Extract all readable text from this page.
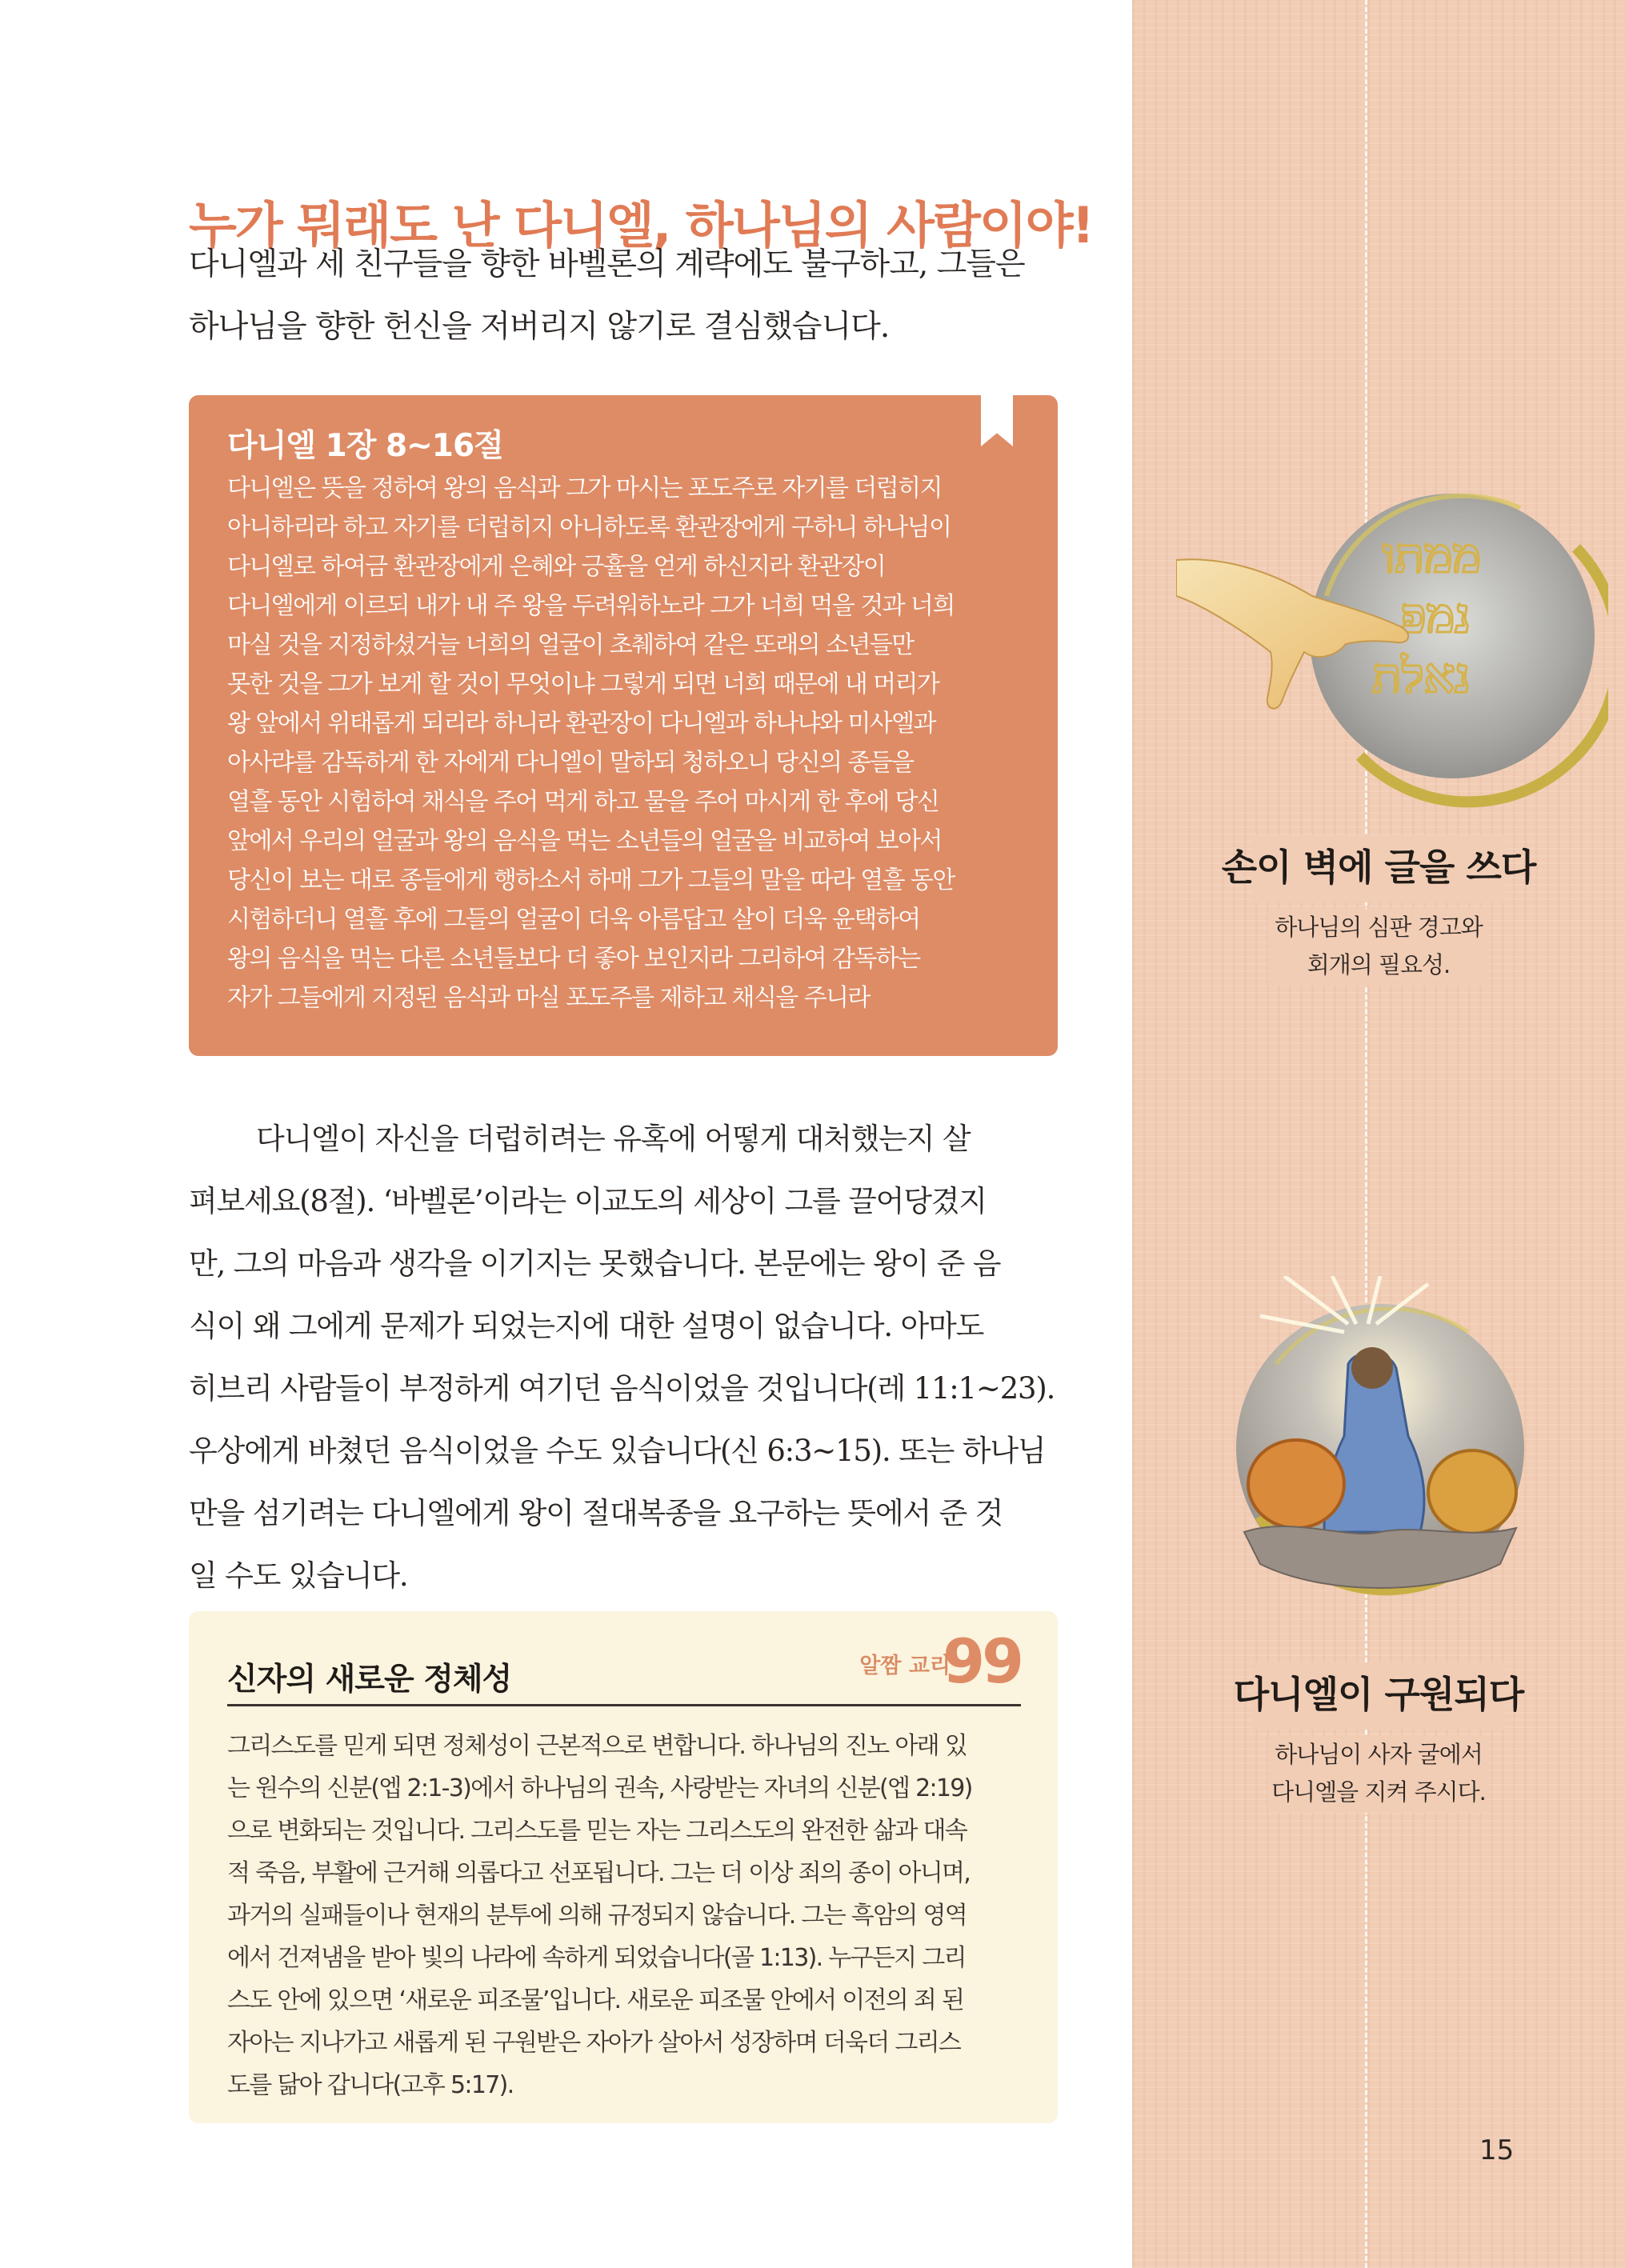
누가 뭐래도 난 다니엘, 하나님의 사람이야!

다니엘과 세 친구들을 향한 바벨론의 계략에도 불구하고, 그들은

하나님을 향한 헌신을 저버리지 않기로 결심했습니다.

다니엘 1장 8~16절
다니엘은 뜻을 정하여 왕의 음식과 그가 마시는 포도주로 자기를 더럽히지
아니하리라 하고 자기를 더럽히지 아니하도록 환관장에게 구하니 하나님이
다니엘로 하여금 환관장에게 은혜와 긍휼을 얻게 하신지라 환관장이
다니엘에게 이르되 내가 내 주 왕을 두려워하노라 그가 너희 먹을 것과 너희
마실 것을 지정하셨거늘 너희의 얼굴이 초췌하여 같은 또래의 소년들만
못한 것을 그가 보게 할 것이 무엇이냐 그렇게 되면 너희 때문에 내 머리가
왕 앞에서 위태롭게 되리라 하니라 환관장이 다니엘과 하나냐와 미사엘과
아사랴를 감독하게 한 자에게 다니엘이 말하되 청하오니 당신의 종들을
열흘 동안 시험하여 채식을 주어 먹게 하고 물을 주어 마시게 한 후에 당신
앞에서 우리의 얼굴과 왕의 음식을 먹는 소년들의 얼굴을 비교하여 보아서
당신이 보는 대로 종들에게 행하소서 하매 그가 그들의 말을 따라 열흘 동안
시험하더니 열흘 후에 그들의 얼굴이 더욱 아름답고 살이 더욱 윤택하여
왕의 음식을 먹는 다른 소년들보다 더 좋아 보인지라 그리하여 감독하는
자가 그들에게 지정된 음식과 마실 포도주를 제하고 채식을 주니라
다니엘이 자신을 더럽히려는 유혹에 어떻게 대처했는지 살
펴보세요(8절). ‘바벨론’이라는 이교도의 세상이 그를 끌어당겼지
만, 그의 마음과 생각을 이기지는 못했습니다. 본문에는 왕이 준 음
식이 왜 그에게 문제가 되었는지에 대한 설명이 없습니다. 아마도
히브리 사람들이 부정하게 여기던 음식이었을 것입니다(레 11:1~23).
우상에게 바쳤던 음식이었을 수도 있습니다(신 6:3~15). 또는 하나님
만을 섬기려는 다니엘에게 왕이 절대복종을 요구하는 뜻에서 준 것
일 수도 있습니다.
신자의 새로운 정체성	알짬 교리
99
그리스도를 믿게 되면 정체성이 근본적으로 변합니다. 하나님의 진노 아래 있
는 원수의 신분(엡 2:1-3)에서 하나님의 권속, 사랑받는 자녀의 신분(엡 2:19)
으로 변화되는 것입니다. 그리스도를 믿는 자는 그리스도의 완전한 삶과 대속
적 죽음, 부활에 근거해 의롭다고 선포됩니다. 그는 더 이상 죄의 종이 아니며,
과거의 실패들이나 현재의 분투에 의해 규정되지 않습니다. 그는 흑암의 영역
에서 건져냄을 받아 빛의 나라에 속하게 되었습니다(골 1:13). 누구든지 그리
스도 안에 있으면 ‘새로운 피조물’입니다. 새로운 피조물 안에서 이전의 죄 된
자아는 지나가고 새롭게 된 구원받은 자아가 살아서 성장하며 더욱더 그리스
도를 닮아 갑니다(고후 5:17).
ממתו
נמפ
נאלת
손이 벽에 글을 쓰다
하나님의 심판 경고와
회개의 필요성.
다니엘이 구원되다
하나님이 사자 굴에서
다니엘을 지켜 주시다.
15
